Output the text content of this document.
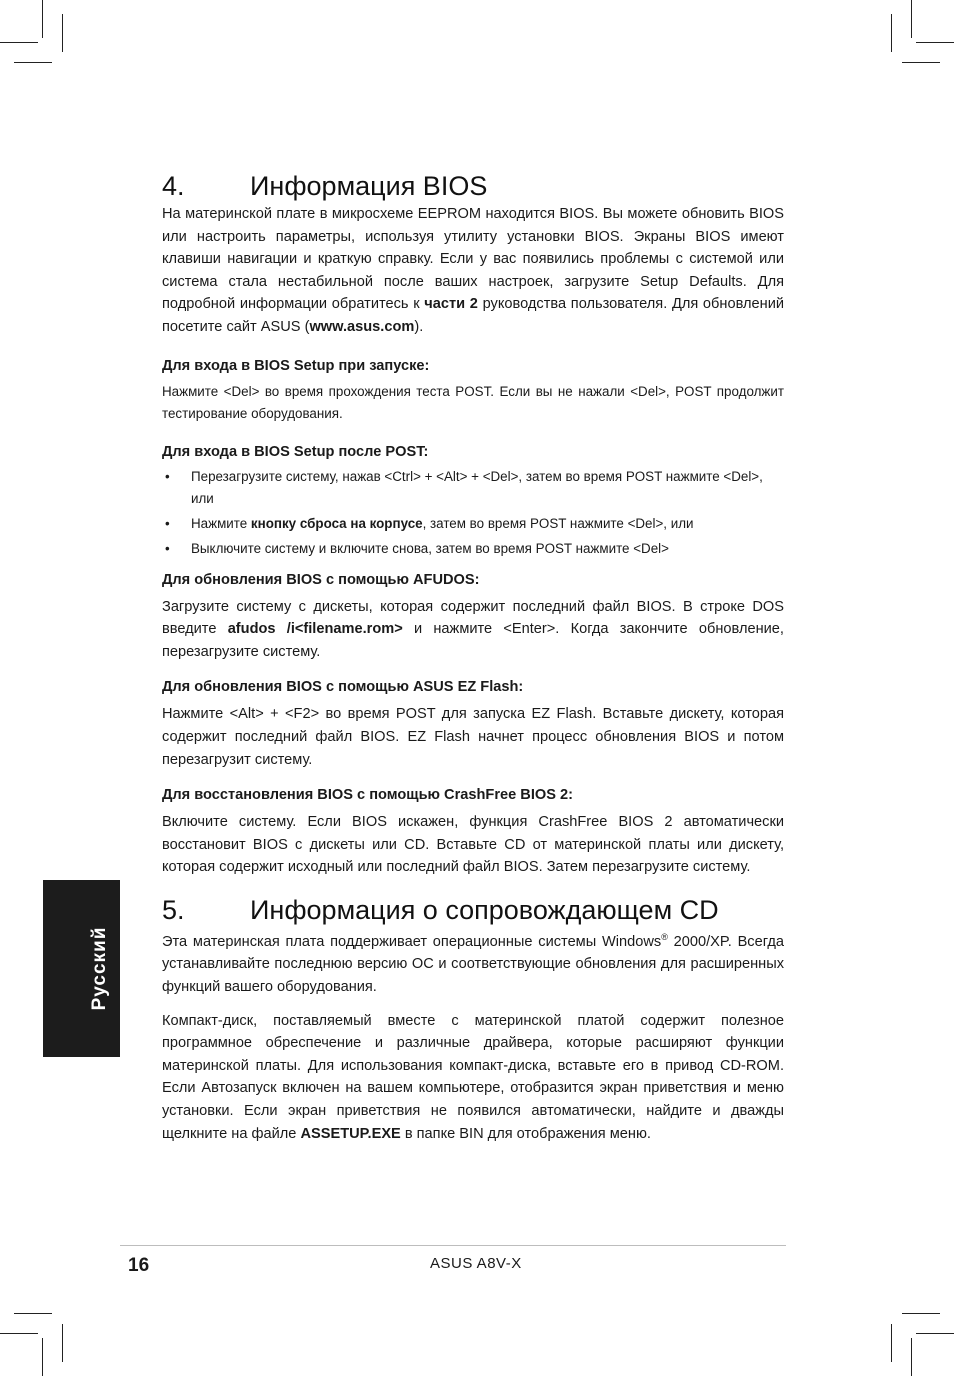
4.	Информация BIOS

На материнской плате в микросхеме EEPROM находится BIOS. Вы можете обновить BIOS или настроить параметры, используя утилиту установки BIOS. Экраны BIOS имеют клавиши навигации и краткую справку. Если у вас появились проблемы с системой или система стала нестабильной после ваших настроек, загрузите Setup Defaults. Для подробной информации обратитесь к части 2 руководства пользователя. Для обновлений посетите сайт ASUS (www.asus.com).

Для входа в BIOS Setup при запуске:

Нажмите <Del> во время прохождения теста POST. Если вы не нажали <Del>, POST продолжит тестирование оборудования.

Для входа в BIOS Setup после POST:
• Перезагрузите систему, нажав <Ctrl> + <Alt> + <Del>, затем во время POST нажмите <Del>, или
• Нажмите кнопку сброса на корпусе, затем во время POST нажмите <Del>, или
• Выключите систему и включите снова, затем во время POST нажмите <Del>
Для обновления BIOS с помощью AFUDOS:

Загрузите систему с дискеты, которая содержит последний файл BIOS. В строке DOS введите afudos /i<filename.rom> и нажмите <Enter>. Когда закончите обновление, перезагрузите систему.

Для обновления BIOS с помощью ASUS EZ Flash:

Нажмите <Alt> + <F2> во время POST для запуска EZ Flash. Вставьте дискету, которая содержит последний файл BIOS. EZ Flash начнет процесс обновления BIOS и потом перезагрузит систему.

Для восстановления BIOS с помощью CrashFree BIOS 2:

Включите систему. Если BIOS искажен, функция CrashFree BIOS 2 автоматически восстановит BIOS с дискеты или CD. Вставьте CD от материнской платы или дискету, которая содержит исходный или последний файл BIOS. Затем перезагрузите систему.

5.	Информация о сопровождающем CD

Эта материнская плата поддерживает операционные системы Windows® 2000/XP. Всегда устанавливайте последнюю версию ОС и соответствующие обновления для расширенных функций вашего оборудования.

Компакт-диск, поставляемый вместе с материнской платой содержит полезное программное обреспечение и различные драйвера, которые расширяют функции материнской платы. Для использования компакт-диска, вставьте его в привод CD-ROM. Если Автозапуск включен на вашем компьютере, отобразится экран приветствия и меню установки. Если экран приветствия не появился автоматически, найдите и дважды щелкните на файле ASSETUP.EXE в папке BIN для отображения меню.

Русский
16	ASUS A8V-X
